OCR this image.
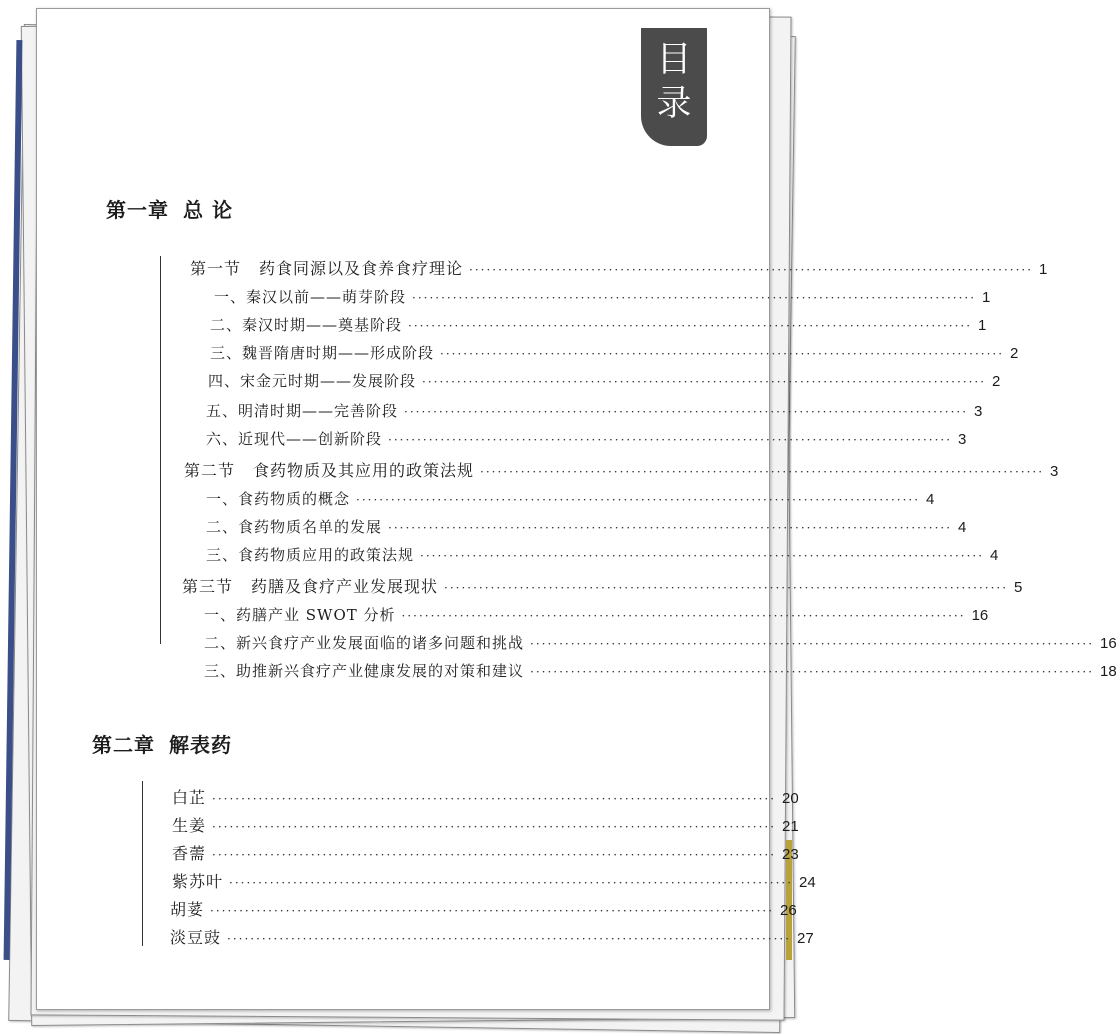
目
录
第一章 总 论
第一节 药食同源以及食养食疗理论 ································································································· 1
一、秦汉以前——萌芽阶段 ································································································· 1
二、秦汉时期——奠基阶段 ································································································· 1
三、魏晋隋唐时期——形成阶段 ································································································· 2
四、宋金元时期——发展阶段 ································································································· 2
五、明清时期——完善阶段 ································································································· 3
六、近现代——创新阶段 ································································································· 3
第二节 食药物质及其应用的政策法规 ································································································· 3
一、食药物质的概念 ································································································· 4
二、食药物质名单的发展 ································································································· 4
三、食药物质应用的政策法规 ································································································· 4
第三节 药膳及食疗产业发展现状 ································································································· 5
一、药膳产业 SWOT 分析 ································································································· 16
二、新兴食疗产业发展面临的诸多问题和挑战 ································································································· 16
三、助推新兴食疗产业健康发展的对策和建议 ································································································· 18
第二章 解表药
白芷 ································································································· 20
生姜 ································································································· 21
香薷 ································································································· 23
紫苏叶 ································································································· 24
胡荽 ································································································· 26
淡豆豉 ································································································· 27
